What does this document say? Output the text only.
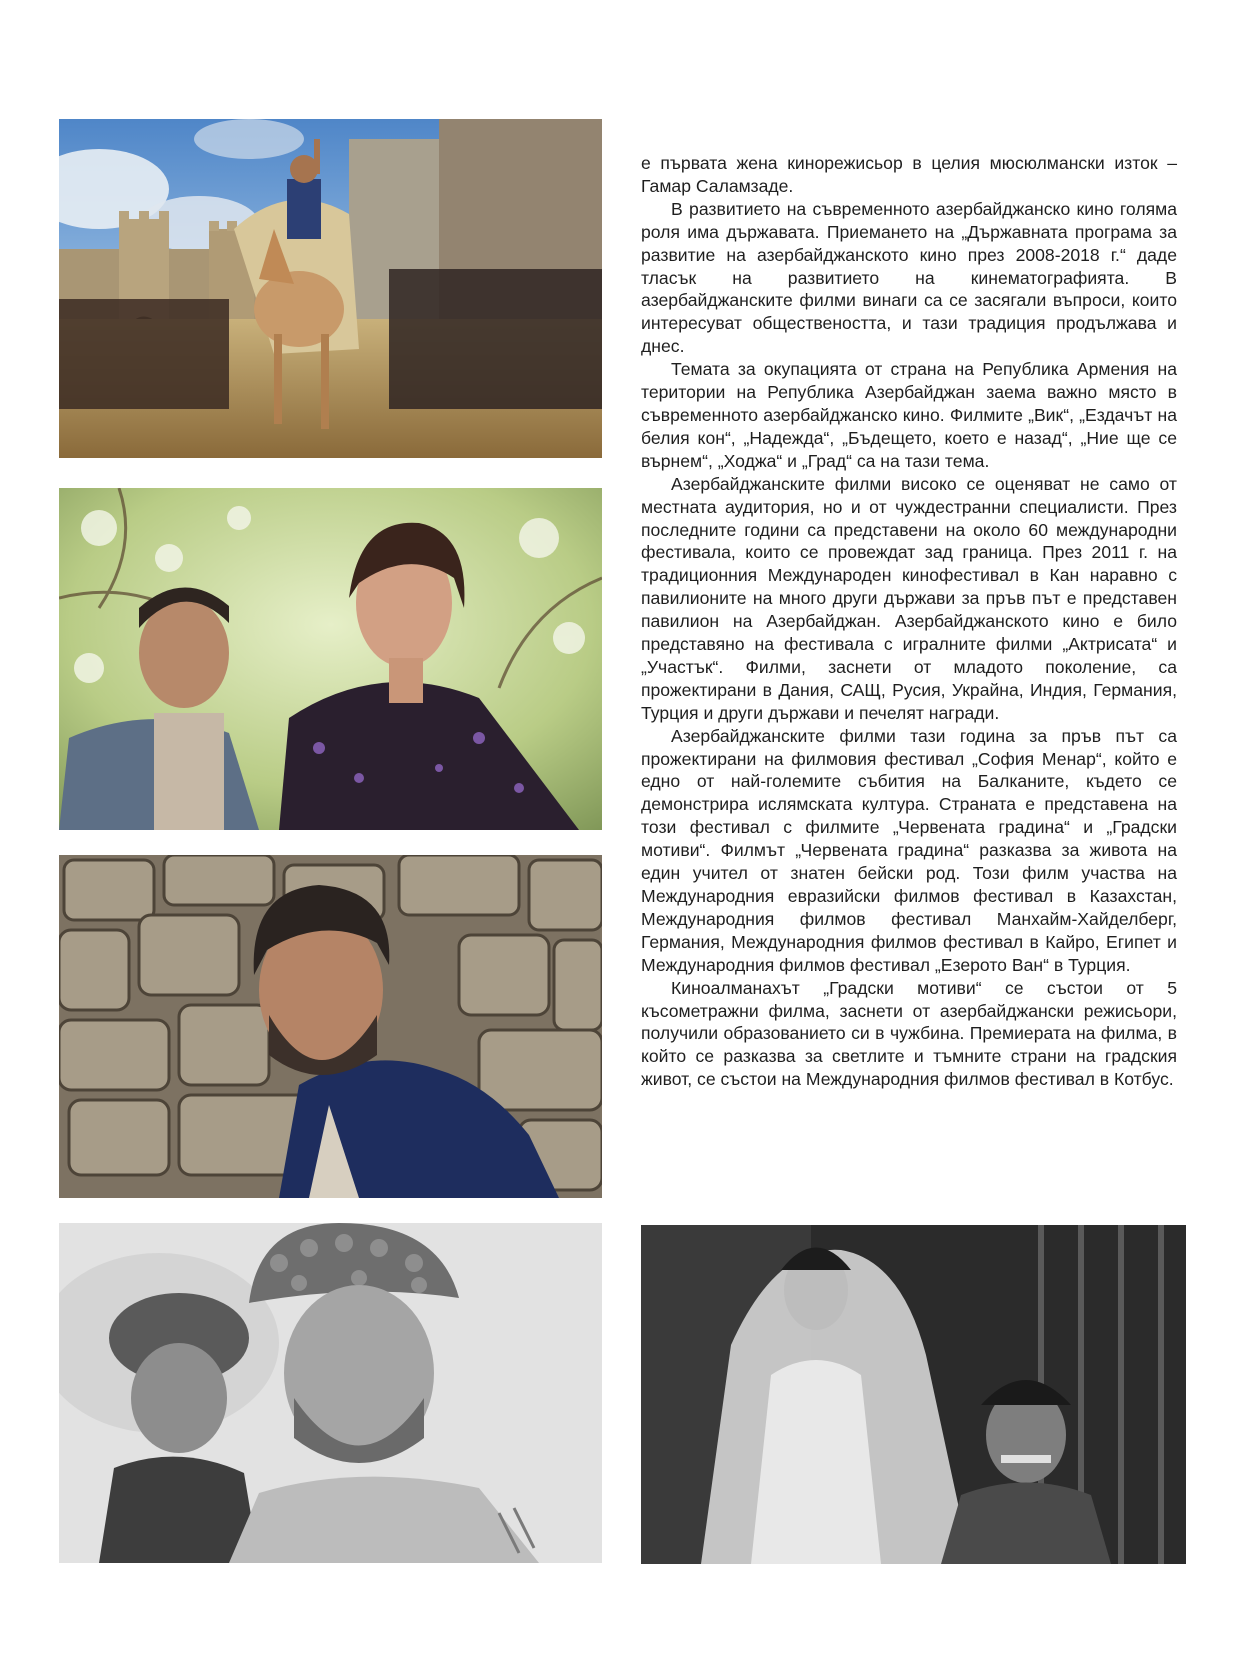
е първата жена кинорежисьор в целия мюсюлмански изток – Гамар Саламзаде.

В развитието на съвременното азербайджанско кино голяма роля има държавата. Приемането на „Държавната програма за развитие на азербайджанското кино през 2008-2018 г.“ даде тласък на развитието на кинематографията. В азербайджанските филми винаги са се засягали въпроси, които интересуват обществеността, и тази традиция продължава и днес.

Темата за окупацията от страна на Република Армения на територии на Република Азербайджан заема важно място в съвременното азербайджанско кино. Филмите „Вик“, „Ездачът на белия кон“, „Надежда“, „Бъдещето, което е назад“, „Ние ще се върнем“, „Ходжа“ и „Град“ са на тази тема.

Азербайджанските филми високо се оценяват не само от местната аудитория, но и от чуждестранни специалисти. През последните години са представени на около 60 международни фестивала, които се провеждат зад граница. През 2011 г. на традиционния Международен кинофестивал в Кан наравно с павилионите на много други държави за пръв път е представен павилион на Азербайджан. Азербайджанското кино е било представяно на фестивала с игралните филми „Актрисата“ и „Участък“. Филми, заснети от младото поколение, са прожектирани в Дания, САЩ, Русия, Украйна, Индия, Германия, Турция и други държави и печелят награди.

Азербайджанските филми тази година за пръв път са прожектирани на филмовия фестивал „София Менар“, който е едно от най-големите събития на Балканите, където се демонстрира ислямската култура. Страната е представена на този фестивал с филмите „Червената градина“ и „Градски мотиви“. Филмът „Червената градина“ разказва за живота на един учител от знатен бейски род. Този филм участва на Международния евразийски филмов фестивал в Казахстан, Международния филмов фестивал Манхайм-Хайделберг, Германия, Международния филмов фестивал в Кайро, Египет и Международния филмов фестивал „Езерото Ван“ в Турция.

Киноалманахът „Градски мотиви“ се състои от 5 късометражни филма, заснети от азербайджански режисьори, получили образованието си в чужбина. Премиерата на филма, в който се разказва за светлите и тъмните страни на градския живот, се състои на Международния филмов фестивал в Котбус.
